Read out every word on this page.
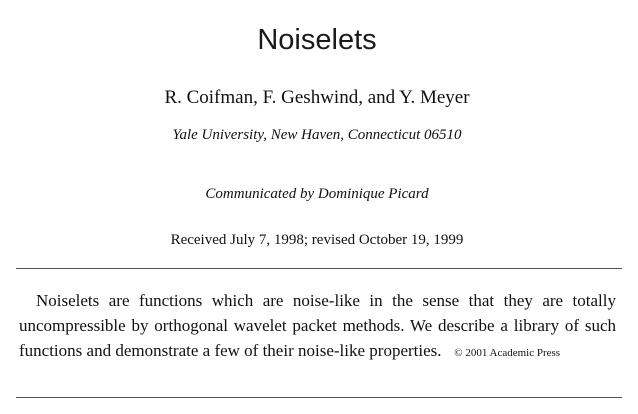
Noiselets
R. Coifman, F. Geshwind, and Y. Meyer
Yale University, New Haven, Connecticut 06510
Communicated by Dominique Picard
Received July 7, 1998; revised October 19, 1999

Noiselets are functions which are noise-like in the sense that they are totally uncompressible by orthogonal wavelet packet methods. We describe a library of such functions and demonstrate a few of their noise-like properties. © 2001 Academic Press
